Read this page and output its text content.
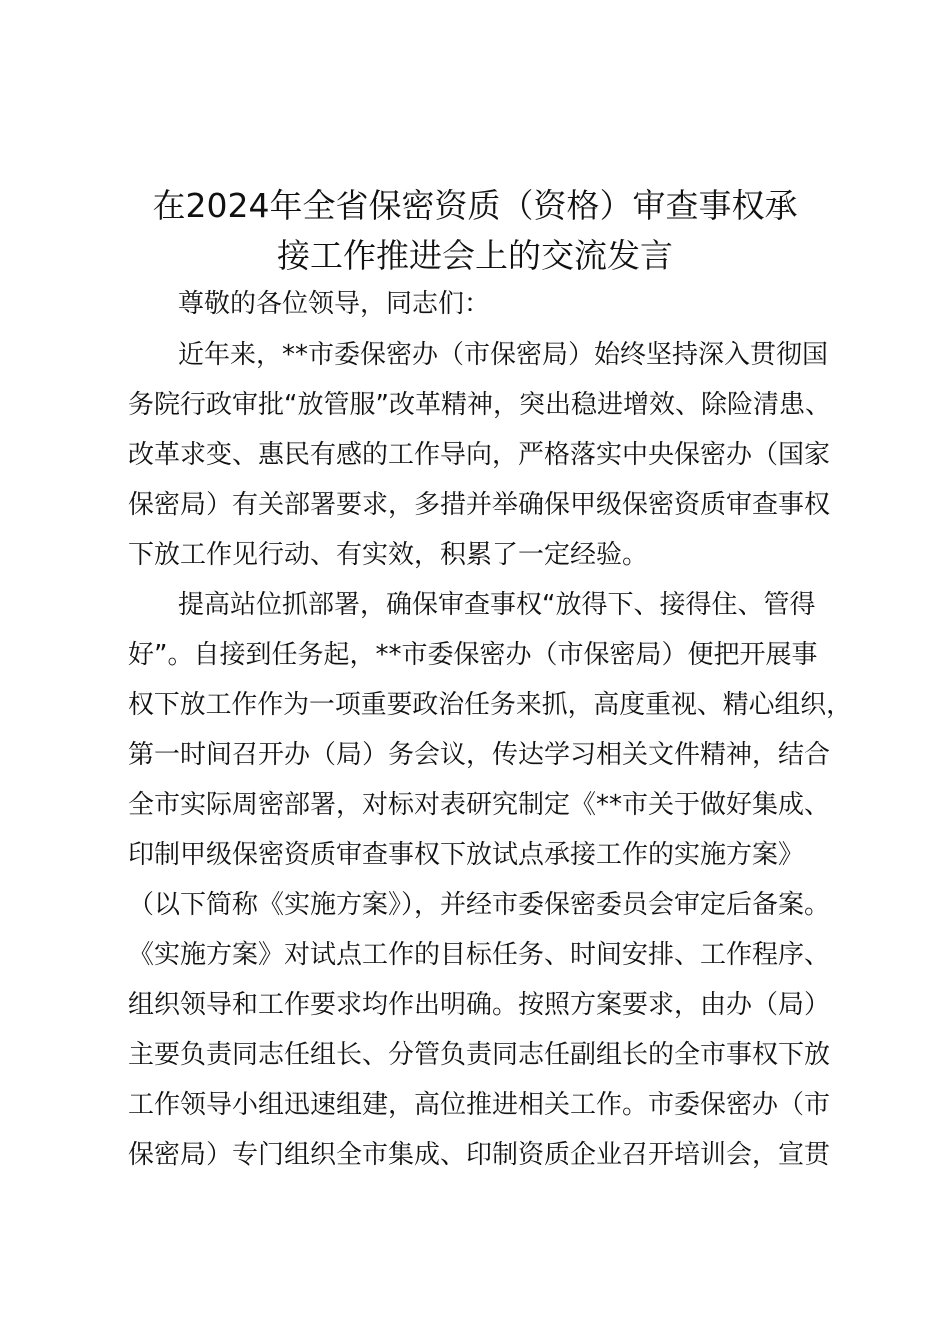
在2024年全省保密资质（资格）审查事权承
接工作推进会上的交流发言

尊敬的各位领导，同志们：

近年来，**市委保密办（市保密局）始终坚持深入贯彻国

务院行政审批“放管服”改革精神，突出稳进增效、除险清患、

改革求变、惠民有感的工作导向，严格落实中央保密办（国家

保密局）有关部署要求，多措并举确保甲级保密资质审查事权

下放工作见行动、有实效，积累了一定经验。

提高站位抓部署，确保审查事权“放得下、接得住、管得

好”。自接到任务起，**市委保密办（市保密局）便把开展事

权下放工作作为一项重要政治任务来抓，高度重视、精心组织，

第一时间召开办（局）务会议，传达学习相关文件精神，结合

全市实际周密部署，对标对表研究制定《**市关于做好集成、

印制甲级保密资质审查事权下放试点承接工作的实施方案》

（以下简称《实施方案》），并经市委保密委员会审定后备案。

《实施方案》对试点工作的目标任务、时间安排、工作程序、

组织领导和工作要求均作出明确。按照方案要求，由办（局）

主要负责同志任组长、分管负责同志任副组长的全市事权下放

工作领导小组迅速组建，高位推进相关工作。市委保密办（市

保密局）专门组织全市集成、印制资质企业召开培训会，宣贯
